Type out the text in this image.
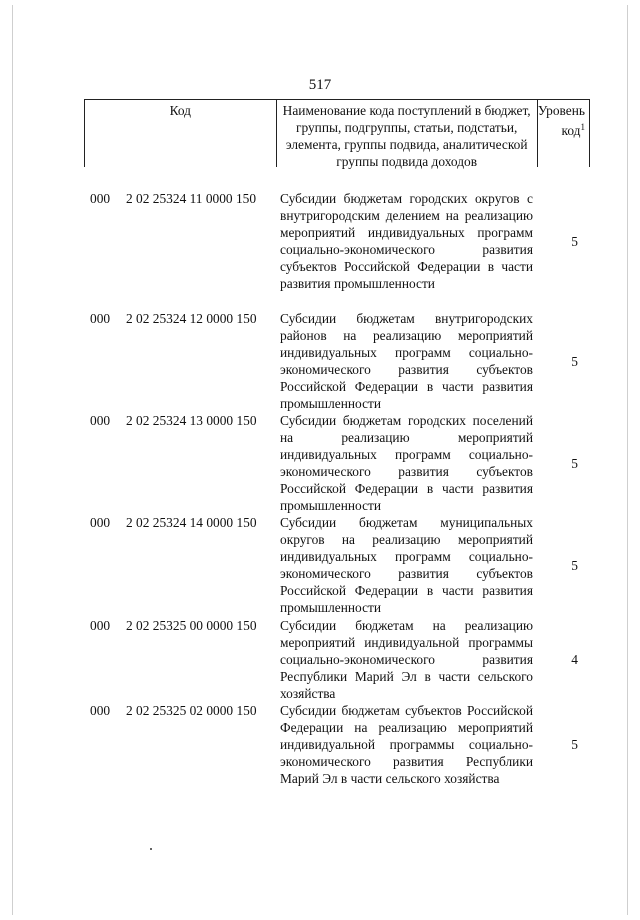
517
Код	Наименование кода поступлений в бюджет, группы, подгруппы, статьи, подстатьи, элемента, группы подвида, аналитической группы подвида доходов
Уровень код$^1$
000	2 02 25324 11 0000 150	Субсидии бюджетам городских округов с внутригородским делением на реализацию мероприятий индивидуальных программ социально-экономического развития субъектов Российской Федерации в части развития промышленности
5
000	2 02 25324 12 0000 150	Субсидии бюджетам внутригородских районов на реализацию мероприятий индивидуальных программ социально-экономического развития субъектов Российской Федерации в части развития промышленности
5
000	2 02 25324 13 0000 150	Субсидии бюджетам городских поселений на реализацию мероприятий индивидуальных программ социально-экономического развития субъектов Российской Федерации в части развития промышленности
5
000	2 02 25324 14 0000 150	Субсидии бюджетам муниципальных округов на реализацию мероприятий индивидуальных программ социально-экономического развития субъектов Российской Федерации в части развития промышленности
5
000	2 02 25325 00 0000 150	Субсидии бюджетам на реализацию мероприятий индивидуальной программы социально-экономического развития Республики Марий Эл в части сельского хозяйства
4
000	2 02 25325 02 0000 150	Субсидии бюджетам субъектов Российской Федерации на реализацию мероприятий индивидуальной программы социально-экономического развития Республики Марий Эл в части сельского хозяйства
5
